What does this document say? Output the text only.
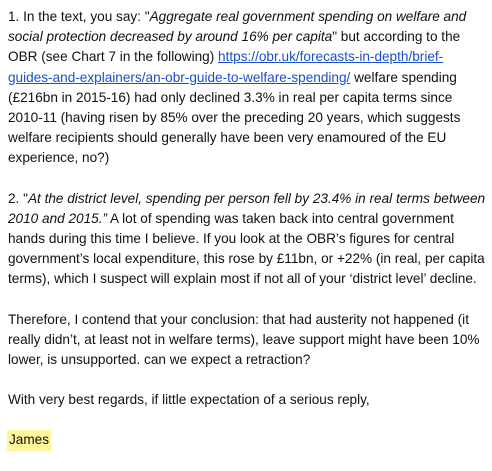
1. In the text, you say: "Aggregate real government spending on welfare and social protection decreased by around 16% per capita" but according to the OBR (see Chart 7 in the following) https://obr.uk/forecasts-in-depth/brief-guides-and-explainers/an-obr-guide-to-welfare-spending/ welfare spending (£216bn in 2015-16) had only declined 3.3% in real per capita terms since 2010-11 (having risen by 85% over the preceding 20 years, which suggests welfare recipients should generally have been very enamoured of the EU experience, no?)

2. "At the district level, spending per person fell by 23.4% in real terms between 2010 and 2015.” A lot of spending was taken back into central government hands during this time I believe. If you look at the OBR’s figures for central government’s local expenditure, this rose by £11bn, or +22% (in real, per capita terms), which I suspect will explain most if not all of your ‘district level’ decline.

Therefore, I contend that your conclusion: that had austerity not happened (it really didn’t, at least not in welfare terms), leave support might have been 10% lower, is unsupported. can we expect a retraction?

With very best regards, if little expectation of a serious reply,

James
